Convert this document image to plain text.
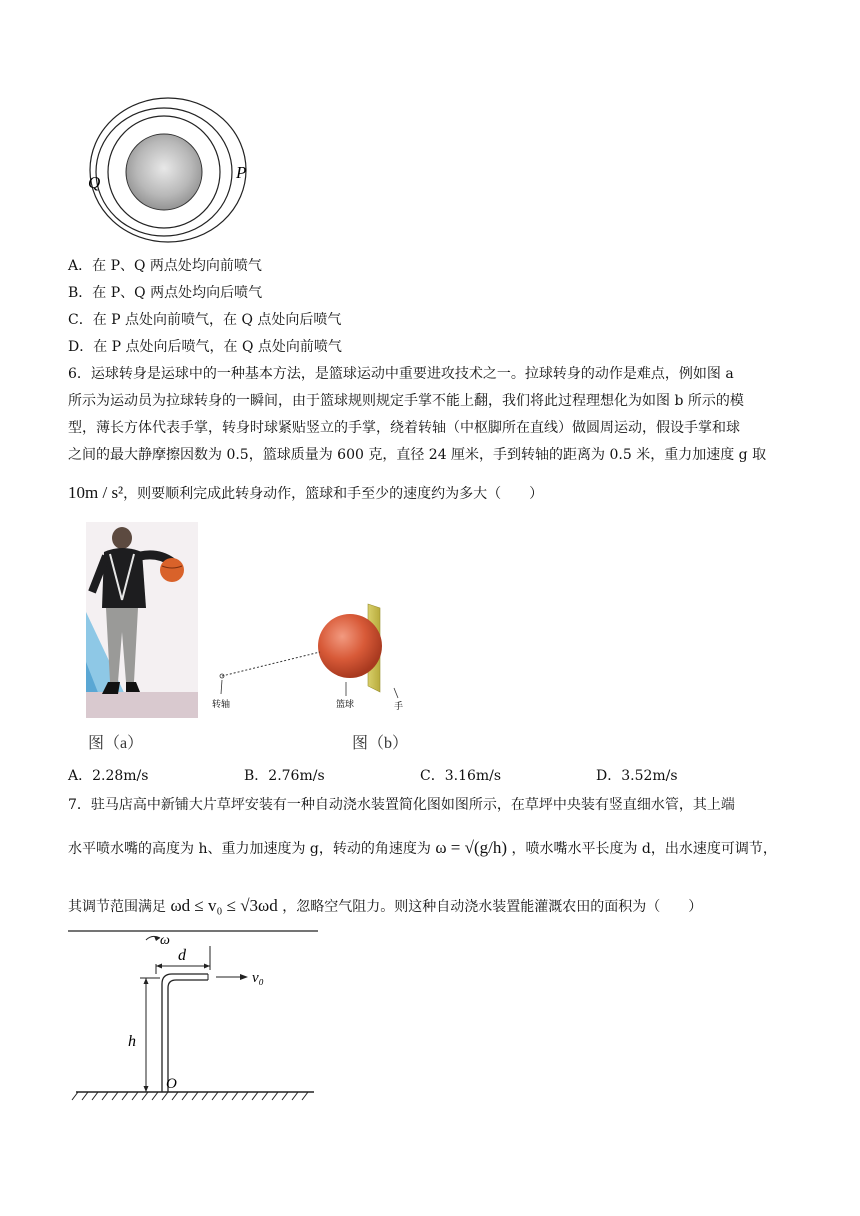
Q
P
A．在 P、Q 两点处均向前喷气
B．在 P、Q 两点处均向后喷气
C．在 P 点处向前喷气，在 Q 点处向后喷气
D．在 P 点处向后喷气，在 Q 点处向前喷气
6．运球转身是运球中的一种基本方法，是篮球运动中重要进攻技术之一。拉球转身的动作是难点，例如图 a
所示为运动员为拉球转身的一瞬间，由于篮球规则规定手掌不能上翻，我们将此过程理想化为如图 b 所示的模
型，薄长方体代表手掌，转身时球紧贴竖立的手掌，绕着转轴（中枢脚所在直线）做圆周运动，假设手掌和球
之间的最大静摩擦因数为 0.5，篮球质量为 600 克，直径 24 厘米，手到转轴的距离为 0.5 米，重力加速度 g 取
10m / s²，则要顺利完成此转身动作，篮球和手至少的速度约为多大（　　）
转轴	篮球	手
图（a）	图（b）
A．2.28m/s	B．2.76m/s	C．3.16m/s	D．3.52m/s
7．驻马店高中新铺大片草坪安装有一种自动浇水装置简化图如图所示，在草坪中央装有竖直细水管，其上端
水平喷水嘴的高度为 h、重力加速度为 g，转动的角速度为 ω = √(g/h) ，喷水嘴水平长度为 d，出水速度可调节，
其调节范围满足 ωd ≤ v₀ ≤ √3ωd ，忽略空气阻力。则这种自动浇水装置能灌溉农田的面积为（　　）
ω
d
v₀
h
O
